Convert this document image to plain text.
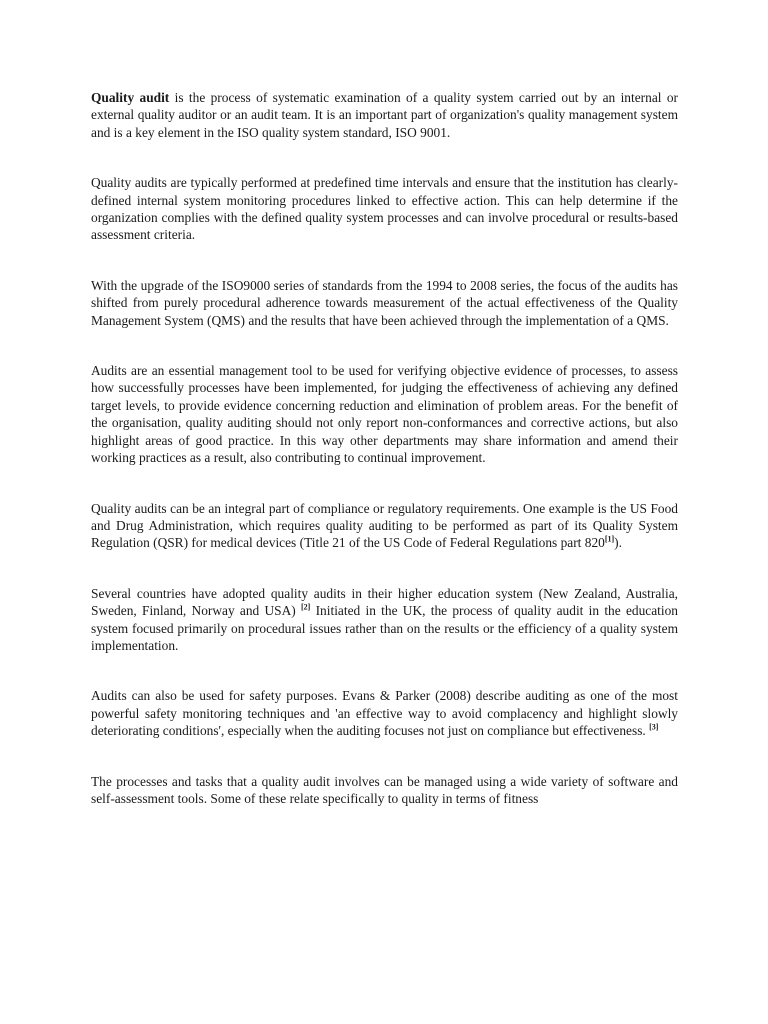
Quality audit is the process of systematic examination of a quality system carried out by an internal or external quality auditor or an audit team. It is an important part of organization's quality management system and is a key element in the ISO quality system standard, ISO 9001.

Quality audits are typically performed at predefined time intervals and ensure that the institution has clearly-defined internal system monitoring procedures linked to effective action. This can help determine if the organization complies with the defined quality system processes and can involve procedural or results-based assessment criteria.

With the upgrade of the ISO9000 series of standards from the 1994 to 2008 series, the focus of the audits has shifted from purely procedural adherence towards measurement of the actual effectiveness of the Quality Management System (QMS) and the results that have been achieved through the implementation of a QMS.

Audits are an essential management tool to be used for verifying objective evidence of processes, to assess how successfully processes have been implemented, for judging the effectiveness of achieving any defined target levels, to provide evidence concerning reduction and elimination of problem areas. For the benefit of the organisation, quality auditing should not only report non-conformances and corrective actions, but also highlight areas of good practice. In this way other departments may share information and amend their working practices as a result, also contributing to continual improvement.

Quality audits can be an integral part of compliance or regulatory requirements. One example is the US Food and Drug Administration, which requires quality auditing to be performed as part of its Quality System Regulation (QSR) for medical devices (Title 21 of the US Code of Federal Regulations part 820[1]).

Several countries have adopted quality audits in their higher education system (New Zealand, Australia, Sweden, Finland, Norway and USA) [2] Initiated in the UK, the process of quality audit in the education system focused primarily on procedural issues rather than on the results or the efficiency of a quality system implementation.

Audits can also be used for safety purposes. Evans & Parker (2008) describe auditing as one of the most powerful safety monitoring techniques and 'an effective way to avoid complacency and highlight slowly deteriorating conditions', especially when the auditing focuses not just on compliance but effectiveness. [3]

The processes and tasks that a quality audit involves can be managed using a wide variety of software and self-assessment tools. Some of these relate specifically to quality in terms of fitness
